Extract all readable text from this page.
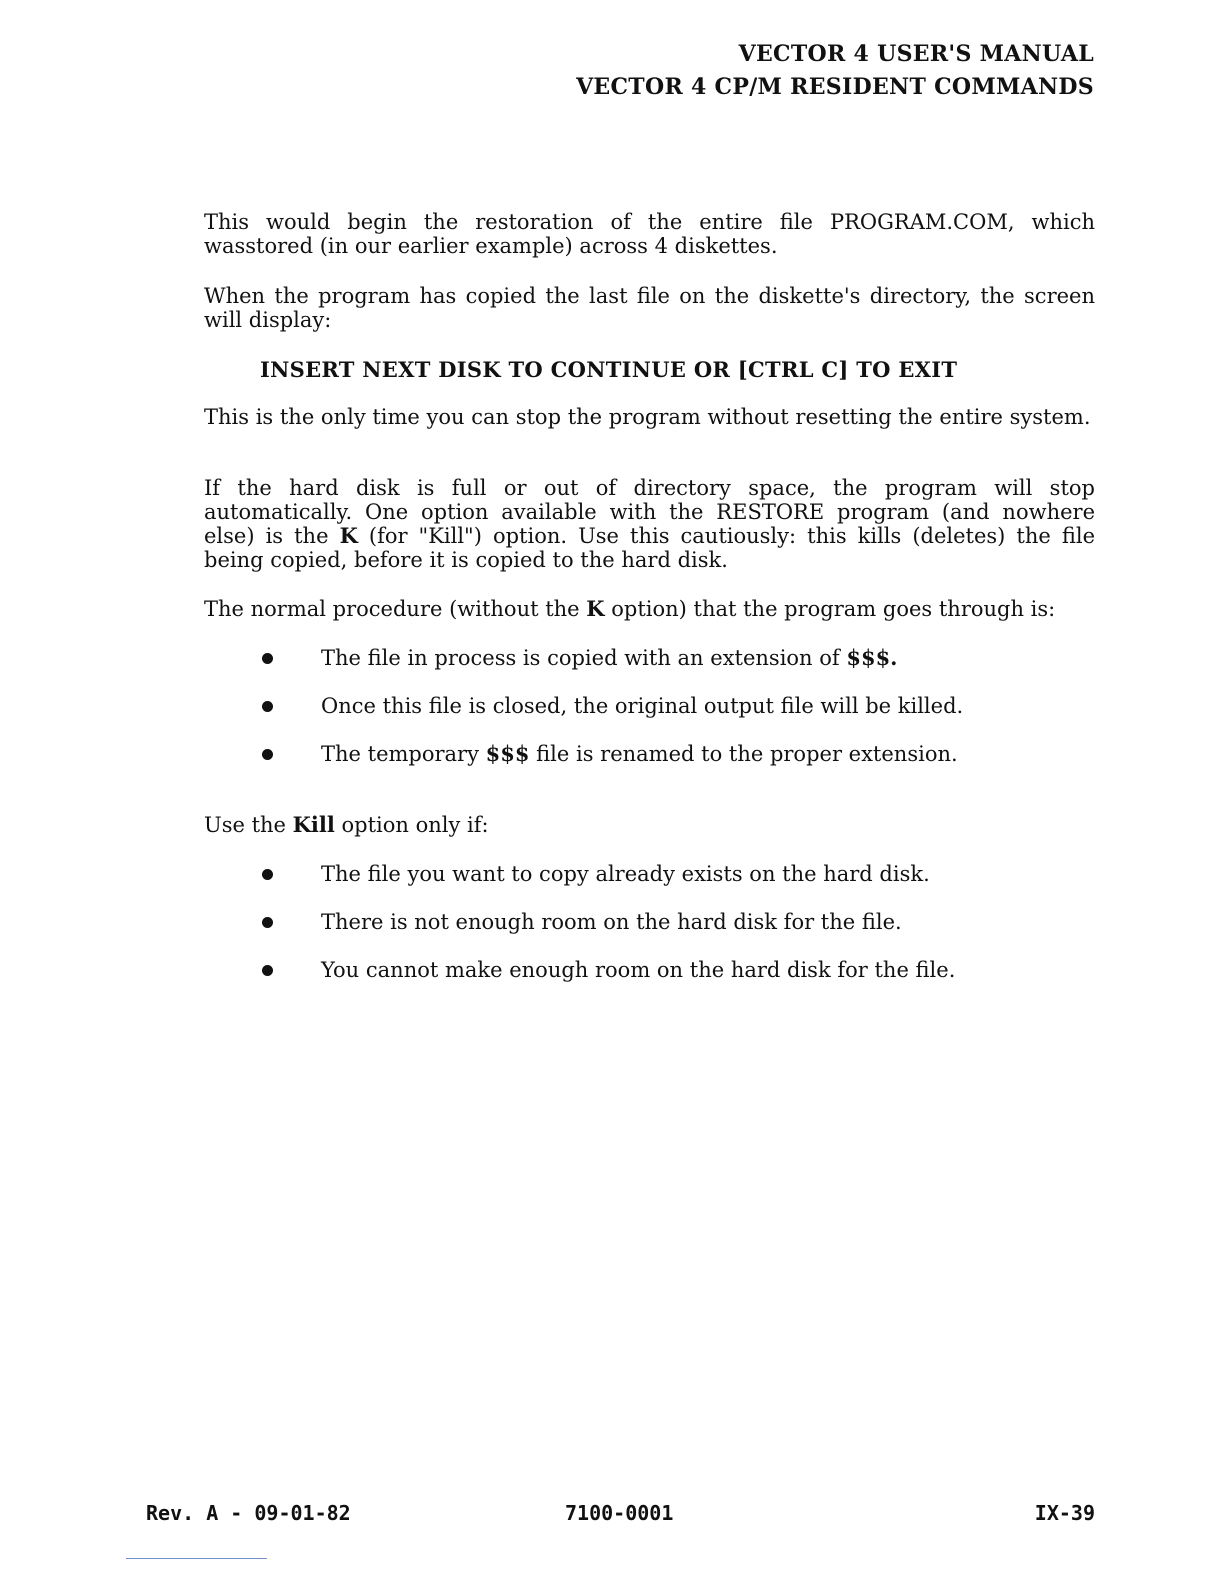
VECTOR 4 USER'S MANUAL
VECTOR 4 CP/M RESIDENT COMMANDS
This would begin the restoration of the entire file PROGRAM.COM, which wasstored (in our earlier example) across 4 diskettes.
When the program has copied the last file on the diskette's directory, the screen will display:
INSERT NEXT DISK TO CONTINUE OR [CTRL C] TO EXIT
This is the only time you can stop the program without resetting the entire system.
If the hard disk is full or out of directory space, the program will stop automatically. One option available with the RESTORE program (and nowhere else) is the K (for "Kill") option. Use this cautiously: this kills (deletes) the file being copied, before it is copied to the hard disk.
The normal procedure (without the K option) that the program goes through is:
The file in process is copied with an extension of $$$.
Once this file is closed, the original output file will be killed.
The temporary $$$ file is renamed to the proper extension.
Use the Kill option only if:
The file you want to copy already exists on the hard disk.
There is not enough room on the hard disk for the file.
You cannot make enough room on the hard disk for the file.
Rev. A - 09-01-82	7100-0001	IX-39
